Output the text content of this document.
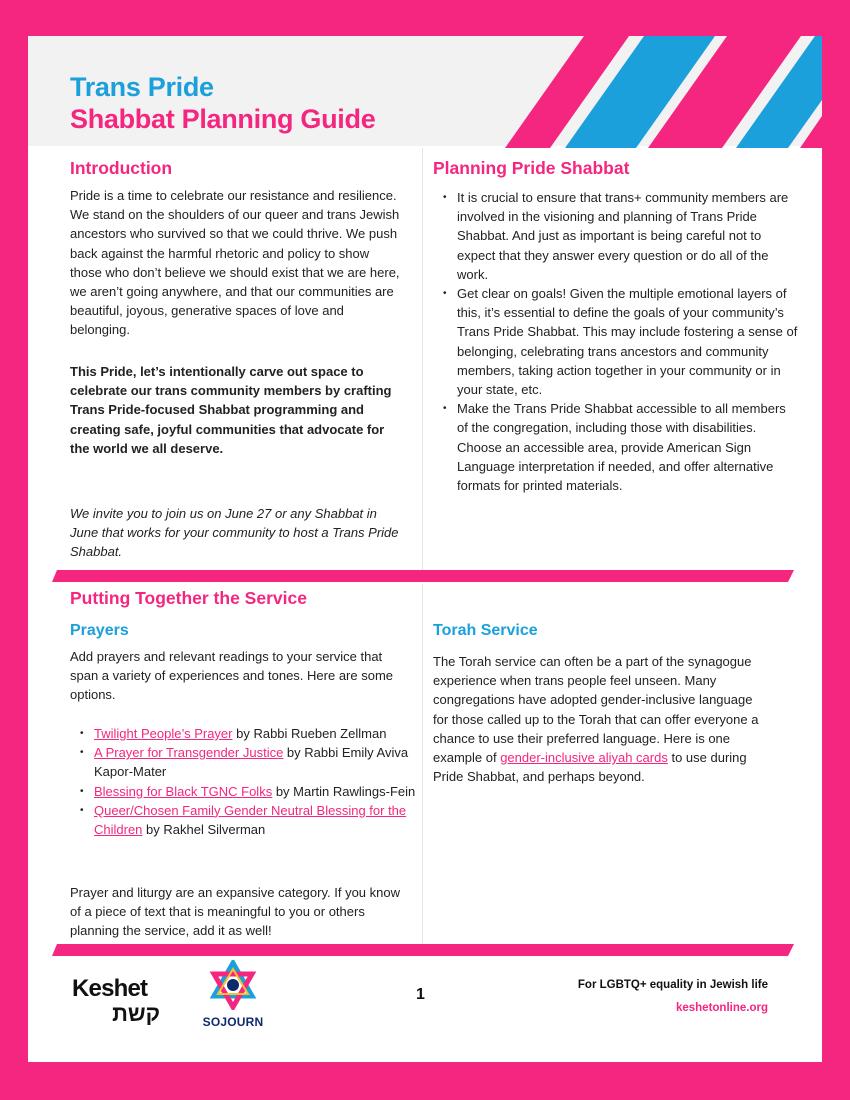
Trans Pride
Shabbat Planning Guide
Introduction

Pride is a time to celebrate our resistance and resilience. We stand on the shoulders of our queer and trans Jewish ancestors who survived so that we could thrive. We push back against the harmful rhetoric and policy to show those who don’t believe we should exist that we are here, we aren’t going anywhere, and that our communities are beautiful, joyous, generative spaces of love and belonging.

This Pride, let’s intentionally carve out space to celebrate our trans community members by crafting Trans Pride-focused Shabbat programming and creating safe, joyful communities that advocate for the world we all deserve.

We invite you to join us on June 27 or any Shabbat in June that works for your community to host a Trans Pride Shabbat.

Planning Pride Shabbat
• It is crucial to ensure that trans+ community members are involved in the visioning and planning of Trans Pride Shabbat. And just as important is being careful not to expect that they answer every question or do all of the work.
• Get clear on goals! Given the multiple emotional layers of this, it’s essential to define the goals of your community’s Trans Pride Shabbat. This may include fostering a sense of belonging, celebrating trans ancestors and community members, taking action together in your community or in your state, etc.
• Make the Trans Pride Shabbat accessible to all members of the congregation, including those with disabilities. Choose an accessible area, provide American Sign Language interpretation if needed, and offer alternative formats for printed materials.
Putting Together the Service
Prayers

Add prayers and relevant readings to your service that span a variety of experiences and tones. Here are some options.

• Twilight People’s Prayer by Rabbi Rueben Zellman
• A Prayer for Transgender Justice by Rabbi Emily Aviva Kapor-Mater
• Blessing for Black TGNC Folks by Martin Rawlings-Fein
• Queer/Chosen Family Gender Neutral Blessing for the Children by Rakhel Silverman

Prayer and liturgy are an expansive category. If you know of a piece of text that is meaningful to you or others planning the service, add it as well!

Torah Service

The Torah service can often be a part of the synagogue experience when trans people feel unseen. Many congregations have adopted gender-inclusive language for those called up to the Torah that can offer everyone a chance to use their preferred language. Here is one example of gender-inclusive aliyah cards to use during Pride Shabbat, and perhaps beyond.

Keshet
קשת	SOJOURN
1
For LGBTQ+ equality in Jewish life
keshetonline.org
